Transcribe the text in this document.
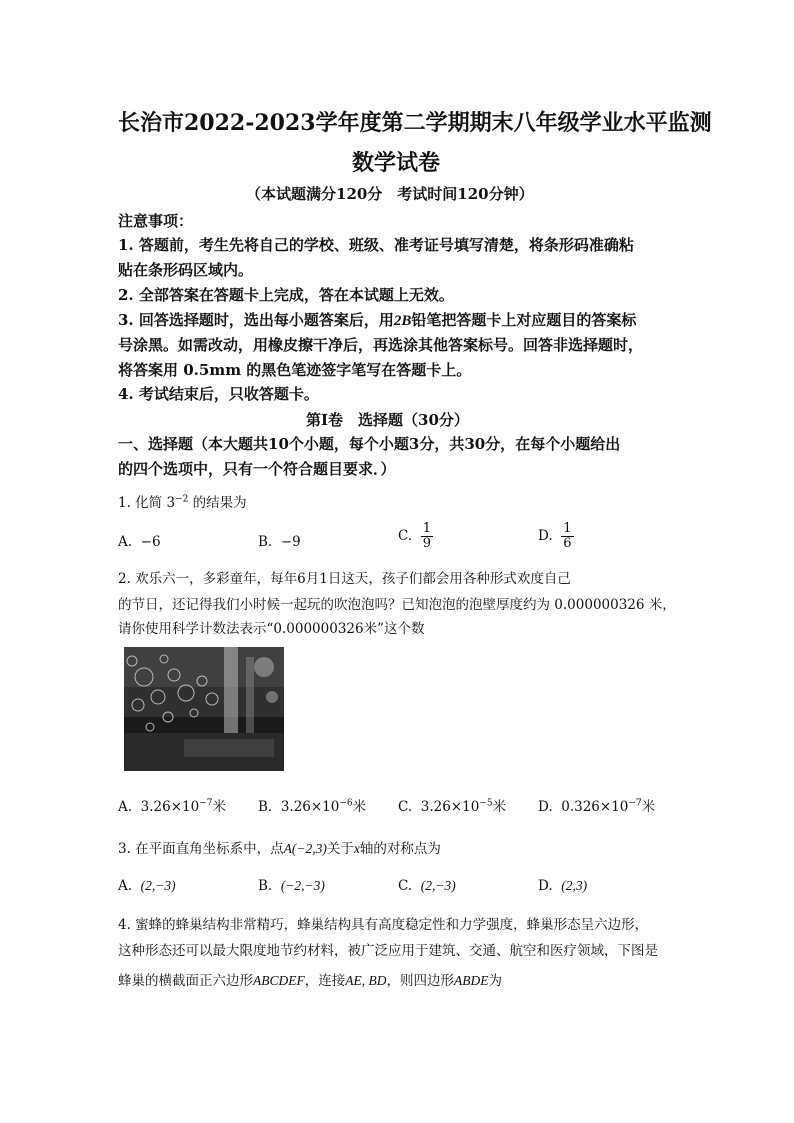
长治市2022-2023学年度第二学期期末八年级学业水平监测
数学试卷
（本试题满分120分　考试时间120分钟）
注意事项：
1. 答题前，考生先将自己的学校、班级、准考证号填写清楚，将条形码准确粘
贴在条形码区域内。
2. 全部答案在答题卡上完成，答在本试题上无效。
3. 回答选择题时，选出每小题答案后，用2B铅笔把答题卡上对应题目的答案标
号涂黑。如需改动，用橡皮擦干净后，再选涂其他答案标号。回答非选择题时，
将答案用 0.5mm 的黑色笔迹签字笔写在答题卡上。
4. 考试结束后，只收答题卡。
第Ⅰ卷　选择题（30分）
一、选择题（本大题共10个小题，每个小题3分，共30分，在每个小题给出
的四个选项中，只有一个符合题目要求．）
1. 化简 $3^{-2}$ 的结果为
A. −6	B. −9	C. $\frac{1}{9}$	D. $\frac{1}{6}$
2. 欢乐六一，多彩童年，每年6月1日这天，孩子们都会用各种形式欢度自己
的节日，还记得我们小时候一起玩的吹泡泡吗？已知泡泡的泡壁厚度约为 0.000000326 米，
请你使用科学计数法表示“0.000000326米”这个数
A. $3.26\times 10^{-7}$米 B. $3.26\times 10^{-6}$米 C. $3.26\times 10^{-5}$米 D. $0.326\times 10^{-7}$米
3. 在平面直角坐标系中，点A(−2,3)关于x轴的对称点为
A. (2,−3)	B. (−2,−3)	C. (2,−3)	D. (2,3)
4. 蜜蜂的蜂巢结构非常精巧，蜂巢结构具有高度稳定性和力学强度，蜂巢形态呈六边形，
这种形态还可以最大限度地节约材料，被广泛应用于建筑、交通、航空和医疗领域，下图是
蜂巢的横截面正六边形ABCDEF，连接AE, BD，则四边形ABDE为
